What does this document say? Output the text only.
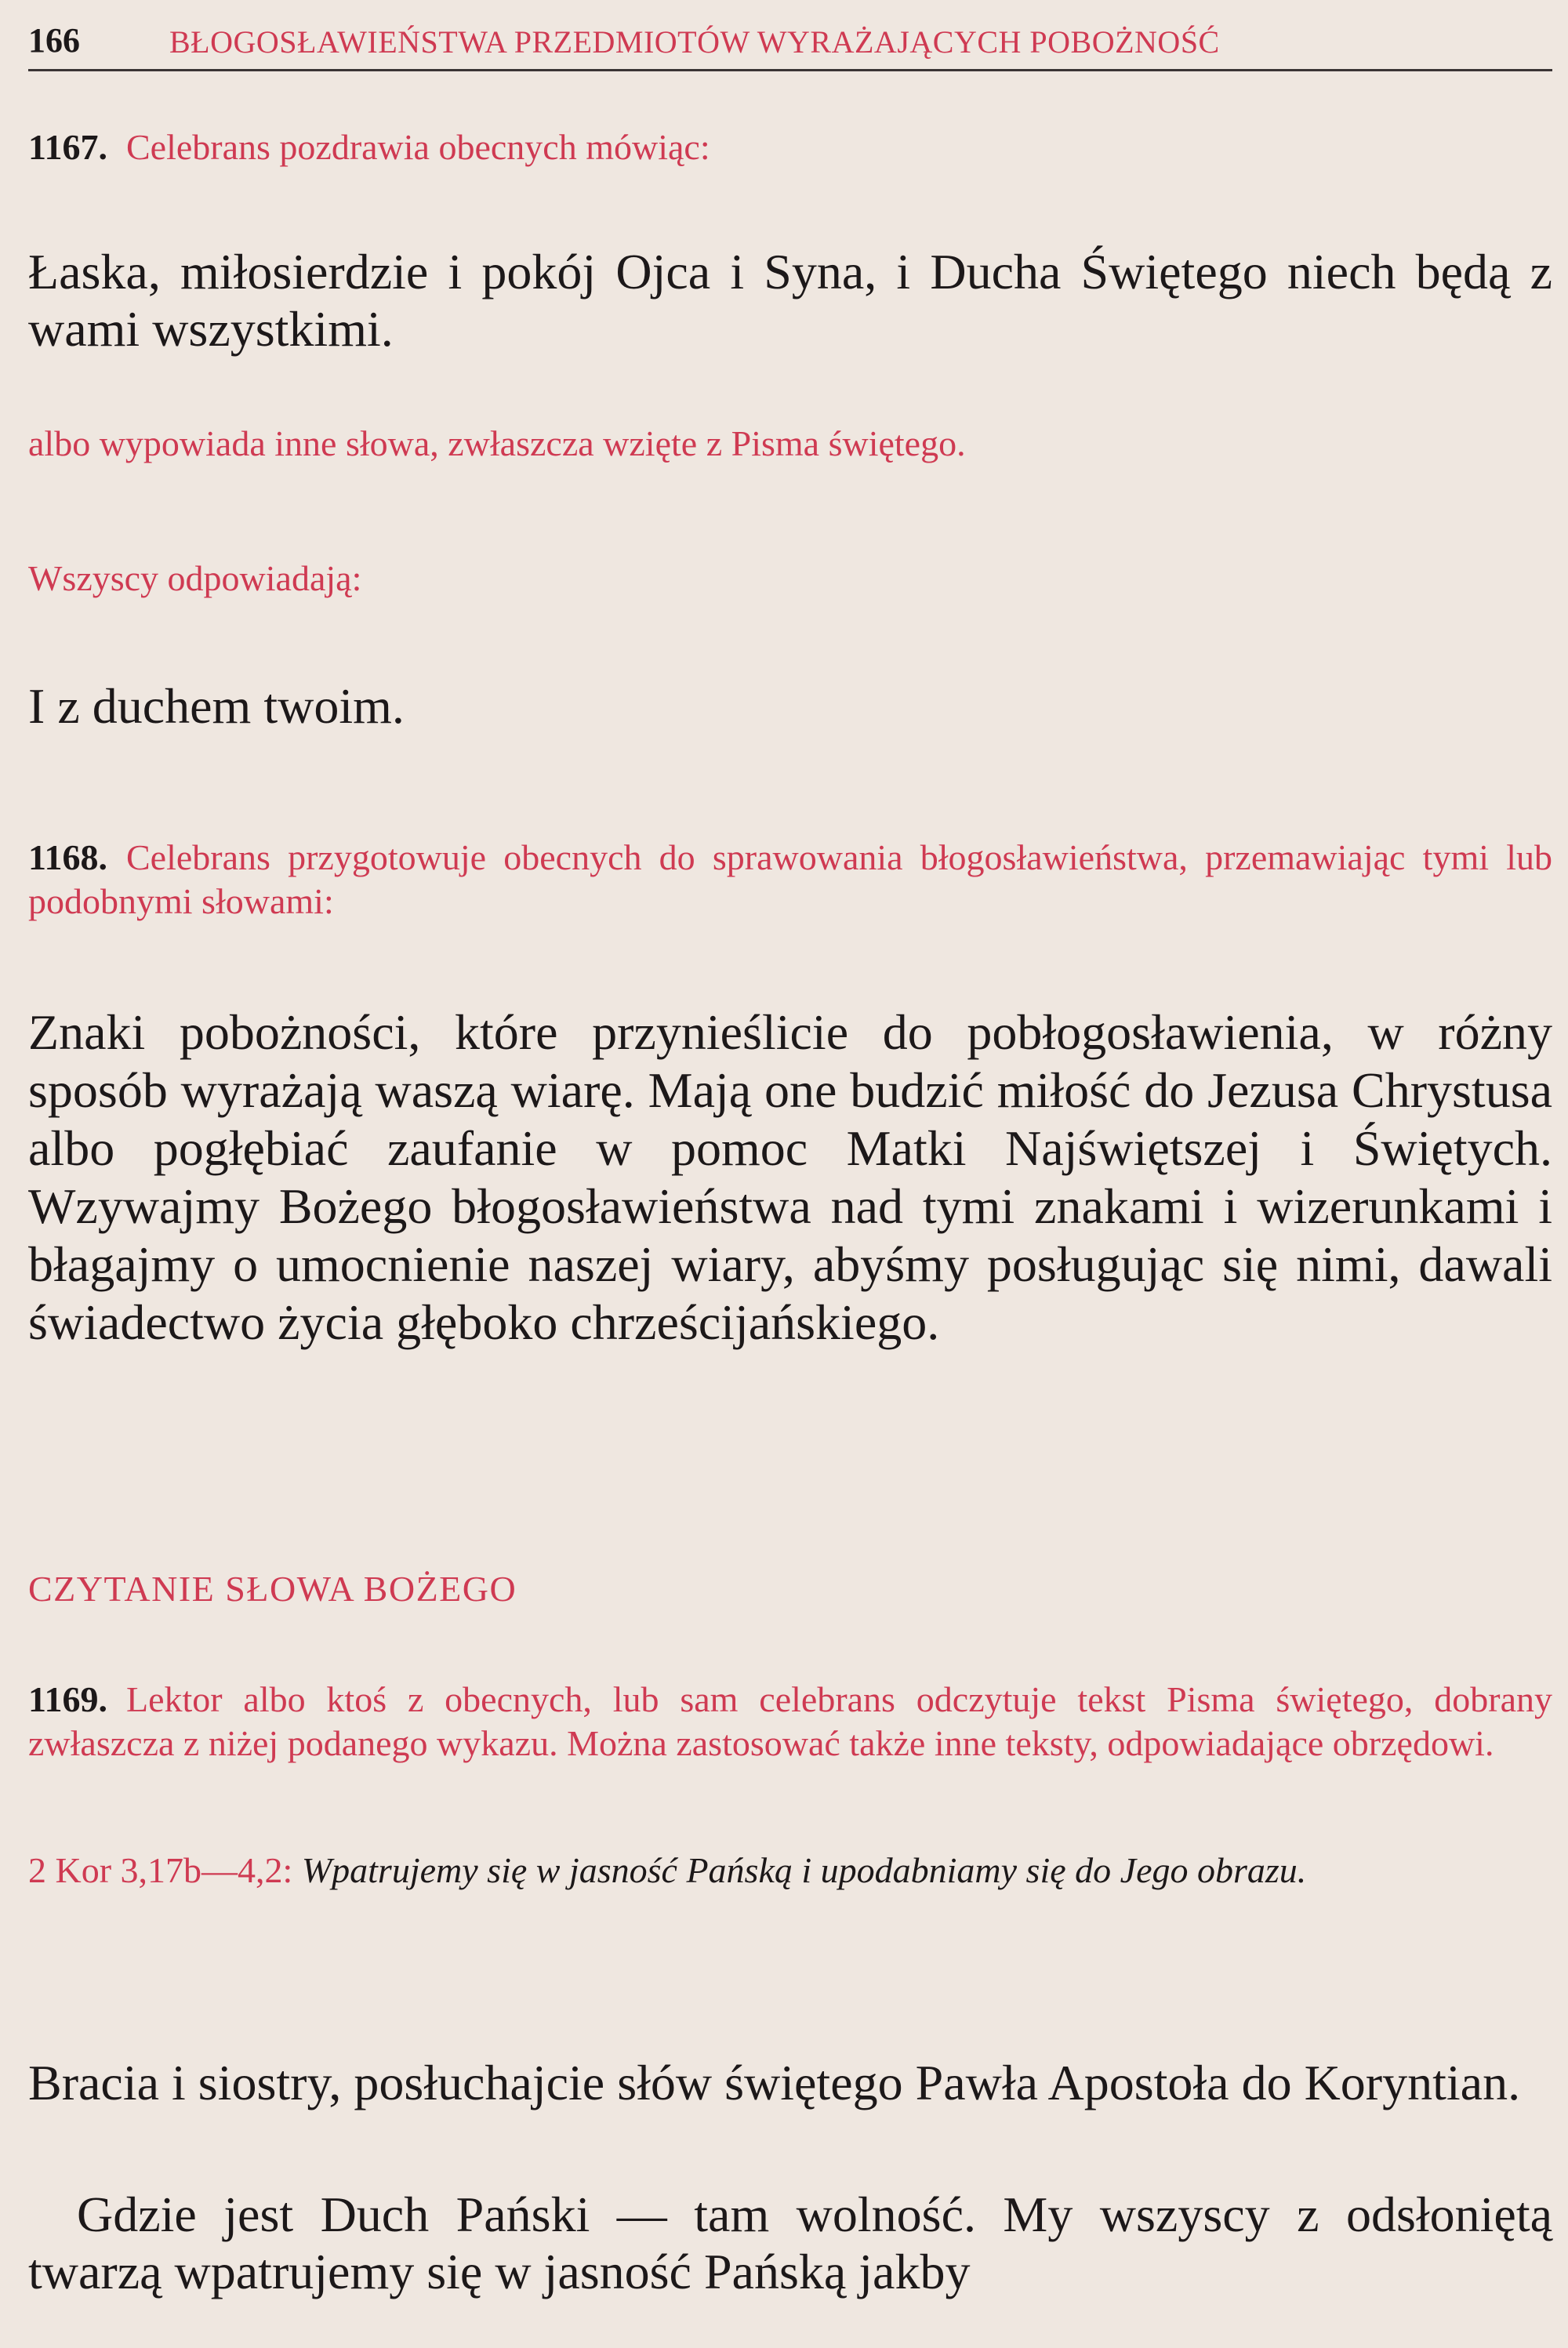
166	BŁOGOSŁAWIEŃSTWA PRZEDMIOTÓW WYRAŻAJĄCYCH POBOŻNOŚĆ
1167. Celebrans pozdrawia obecnych mówiąc:

Łaska, miłosierdzie i pokój Ojca i Syna, i Ducha Świętego niech będą z wami wszystkimi.

albo wypowiada inne słowa, zwłaszcza wzięte z Pisma świętego.

Wszyscy odpowiadają:

I z duchem twoim.

1168. Celebrans przygotowuje obecnych do sprawowania błogosławieństwa, przemawiając tymi lub podobnymi słowami:

Znaki pobożności, które przynieślicie do pobłogosławienia, w różny sposób wyrażają waszą wiarę. Mają one budzić miłość do Jezusa Chrystusa albo pogłębiać zaufanie w pomoc Matki Najświętszej i Świętych. Wzywajmy Bożego błogosławieństwa nad tymi znakami i wizerunkami i błagajmy o umocnienie naszej wiary, abyśmy posługując się nimi, dawali świadectwo życia głęboko chrześcijańskiego.

CZYTANIE SŁOWA BOŻEGO

1169. Lektor albo ktoś z obecnych, lub sam celebrans odczytuje tekst Pisma świętego, dobrany zwłaszcza z niżej podanego wykazu. Można zastosować także inne teksty, odpowiadające obrzędowi.

2 Kor 3,17b—4,2: Wpatrujemy się w jasność Pańską i upodabniamy się do Jego obrazu.

Bracia i siostry, posłuchajcie słów świętego Pawła Apostoła do Koryntian.

Gdzie jest Duch Pański — tam wolność. My wszyscy z odsłoniętą twarzą wpatrujemy się w jasność Pańską jakby
